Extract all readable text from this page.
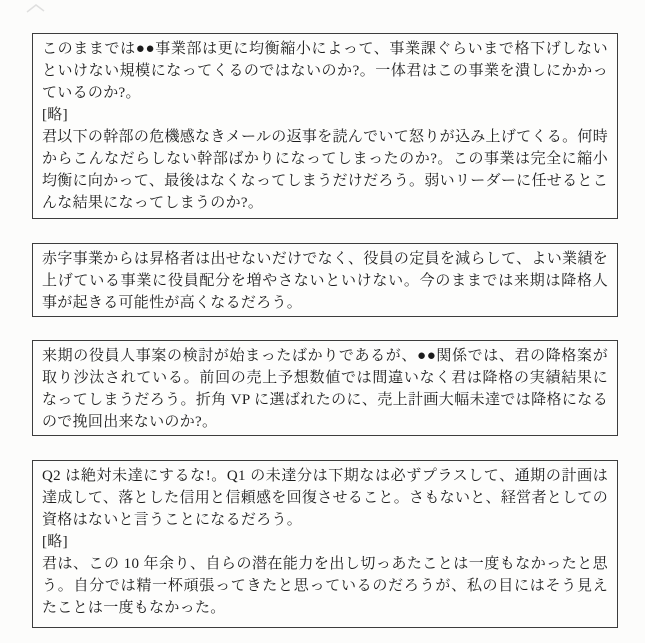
このままでは●●事業部は更に均衡縮小によって、事業課ぐらいまで格下げしないといけない規模になってくるのではないのか?。一体君はこの事業を潰しにかかっているのか?。

[略]

君以下の幹部の危機感なきメールの返事を読んでいて怒りが込み上げてくる。何時からこんなだらしない幹部ばかりになってしまったのか?。この事業は完全に縮小均衡に向かって、最後はなくなってしまうだけだろう。弱いリーダーに任せるとこんな結果になってしまうのか?。

赤字事業からは昇格者は出せないだけでなく、役員の定員を減らして、よい業績を上げている事業に役員配分を増やさないといけない。今のままでは来期は降格人事が起きる可能性が高くなるだろう。

来期の役員人事案の検討が始まったばかりであるが、●●関係では、君の降格案が取り沙汰されている。前回の売上予想数値では間違いなく君は降格の実績結果になってしまうだろう。折角 VP に選ばれたのに、売上計画大幅未達では降格になるので挽回出来ないのか?。

Q2 は絶対未達にするな!。Q1 の未達分は下期なは必ずプラスして、通期の計画は達成して、落とした信用と信頼感を回復させること。さもないと、経営者としての資格はないと言うことになるだろう。

[略]

君は、この 10 年余り、自らの潜在能力を出し切っあたことは一度もなかったと思う。自分では精一杯頑張ってきたと思っているのだろうが、私の目にはそう見えたことは一度もなかった。
